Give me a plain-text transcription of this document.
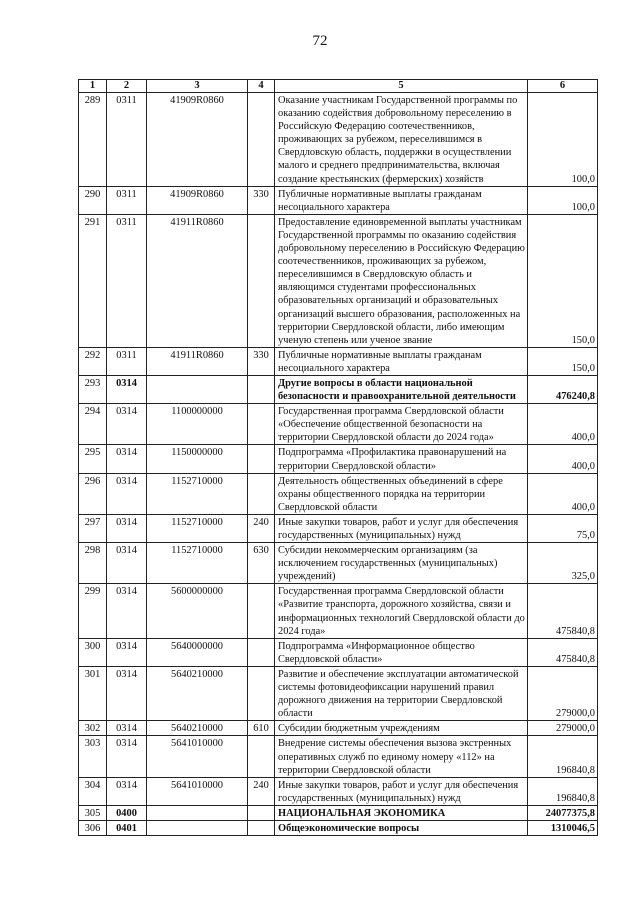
72
1	2	3	4	5	6
289	0311	41909R0860		Оказание участникам Государственной программы по оказанию содействия добровольному переселению в Российскую Федерацию соотечественников, проживающих за рубежом, переселившимся в Свердловскую область, поддержки в осуществлении малого и среднего предпринимательства, включая создание крестьянских (фермерских) хозяйств	100,0
290	0311	41909R0860	330	Публичные нормативные выплаты гражданам несоциального характера	100,0
291	0311	41911R0860		Предоставление единовременной выплаты участникам Государственной программы по оказанию содействия добровольному переселению в Российскую Федерацию соотечественников, проживающих за рубежом, переселившимся в Свердловскую область и являющимся студентами профессиональных образовательных организаций и образовательных организаций высшего образования, расположенных на территории Свердловской области, либо имеющим ученую степень или ученое звание	150,0
292	0311	41911R0860	330	Публичные нормативные выплаты гражданам несоциального характера	150,0
293	0314			Другие вопросы в области национальной безопасности и правоохранительной деятельности	476240,8
294	0314	1100000000		Государственная программа Свердловской области «Обеспечение общественной безопасности на территории Свердловской области до 2024 года»	400,0
295	0314	1150000000		Подпрограмма «Профилактика правонарушений на территории Свердловской области»	400,0
296	0314	1152710000		Деятельность общественных объединений в сфере охраны общественного порядка на территории Свердловской области	400,0
297	0314	1152710000	240	Иные закупки товаров, работ и услуг для обеспечения государственных (муниципальных) нужд	75,0
298	0314	1152710000	630	Субсидии некоммерческим организациям (за исключением государственных (муниципальных) учреждений)	325,0
299	0314	5600000000		Государственная программа Свердловской области «Развитие транспорта, дорожного хозяйства, связи и информационных технологий Свердловской области до 2024 года»	475840,8
300	0314	5640000000		Подпрограмма «Информационное общество Свердловской области»	475840,8
301	0314	5640210000		Развитие и обеспечение эксплуатации автоматической системы фотовидеофиксации нарушений правил дорожного движения на территории Свердловской области	279000,0
302	0314	5640210000	610	Субсидии бюджетным учреждениям	279000,0
303	0314	5641010000		Внедрение системы обеспечения вызова экстренных оперативных служб по единому номеру «112» на территории Свердловской области	196840,8
304	0314	5641010000	240	Иные закупки товаров, работ и услуг для обеспечения государственных (муниципальных) нужд	196840,8
305	0400			НАЦИОНАЛЬНАЯ ЭКОНОМИКА	24077375,8
306	0401			Общеэкономические вопросы	1310046,5
